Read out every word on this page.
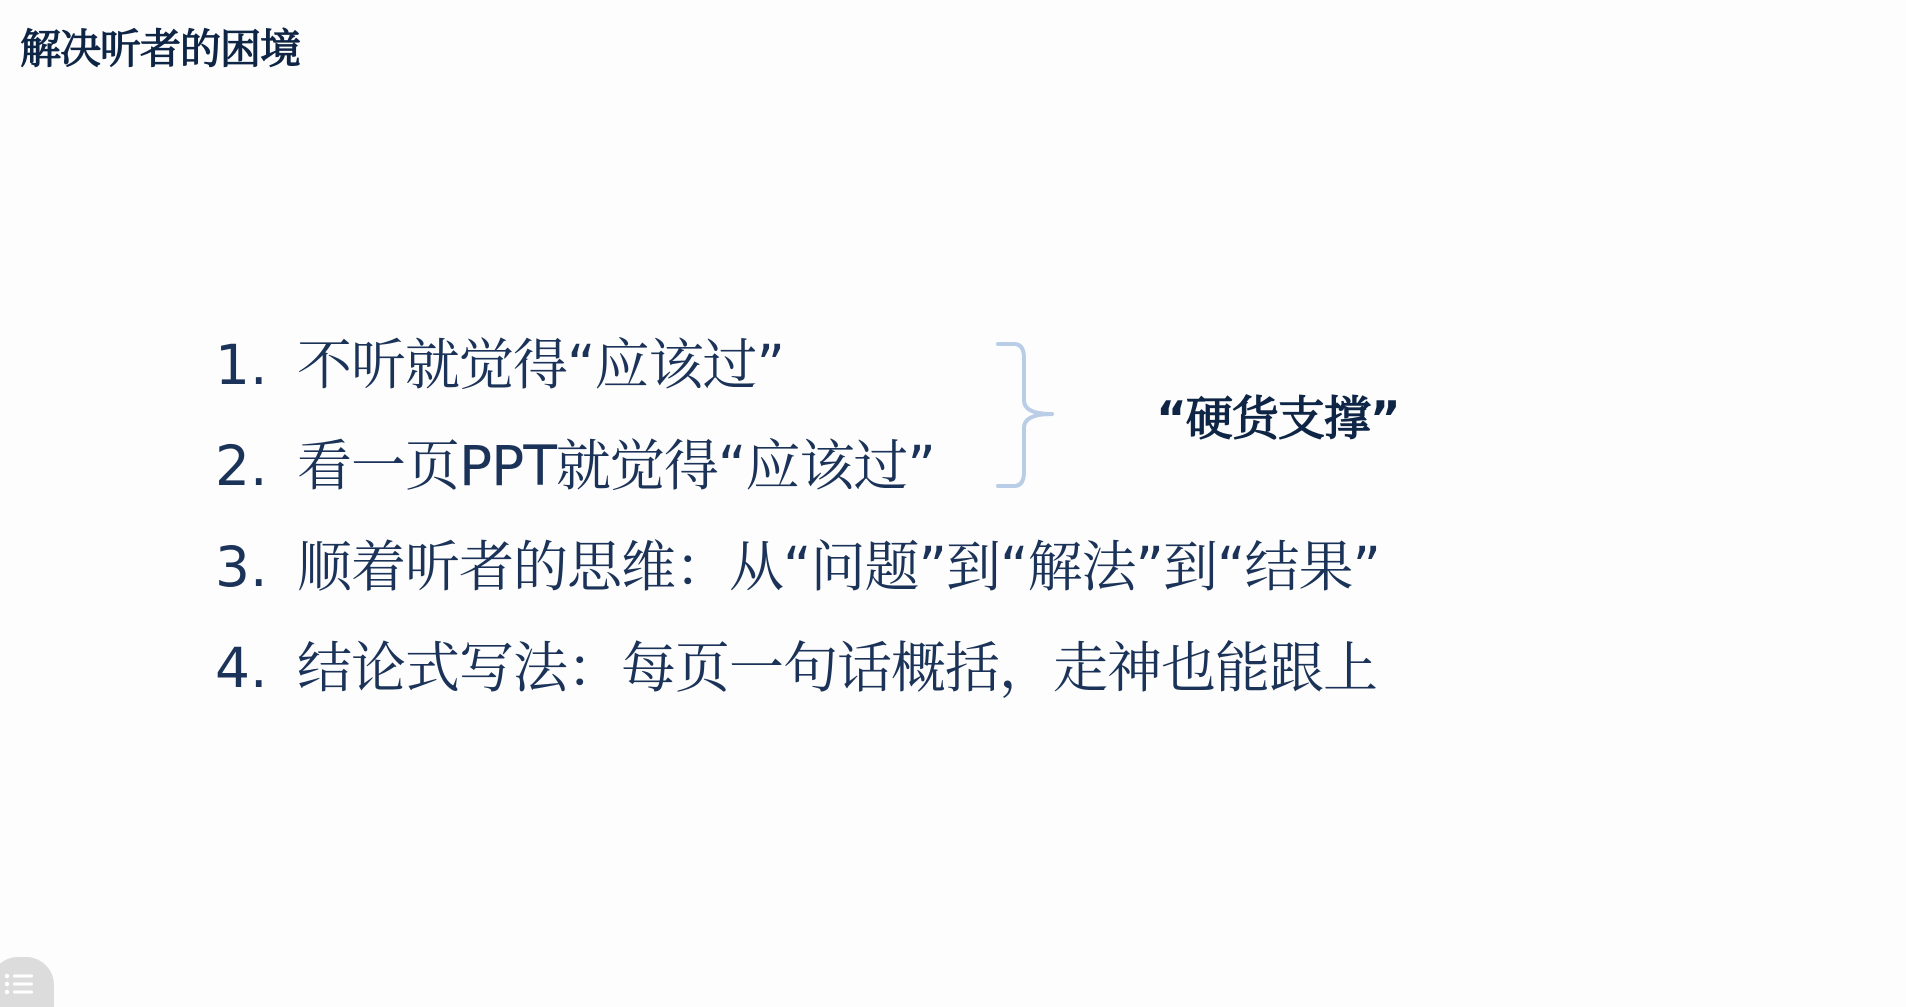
解决听者的困境
1. 不听就觉得“应该过”
2. 看一页PPT就觉得“应该过”
3. 顺着听者的思维：从“问题”到“解法”到“结果”
4. 结论式写法：每页一句话概括，走神也能跟上
“硬货支撑”
